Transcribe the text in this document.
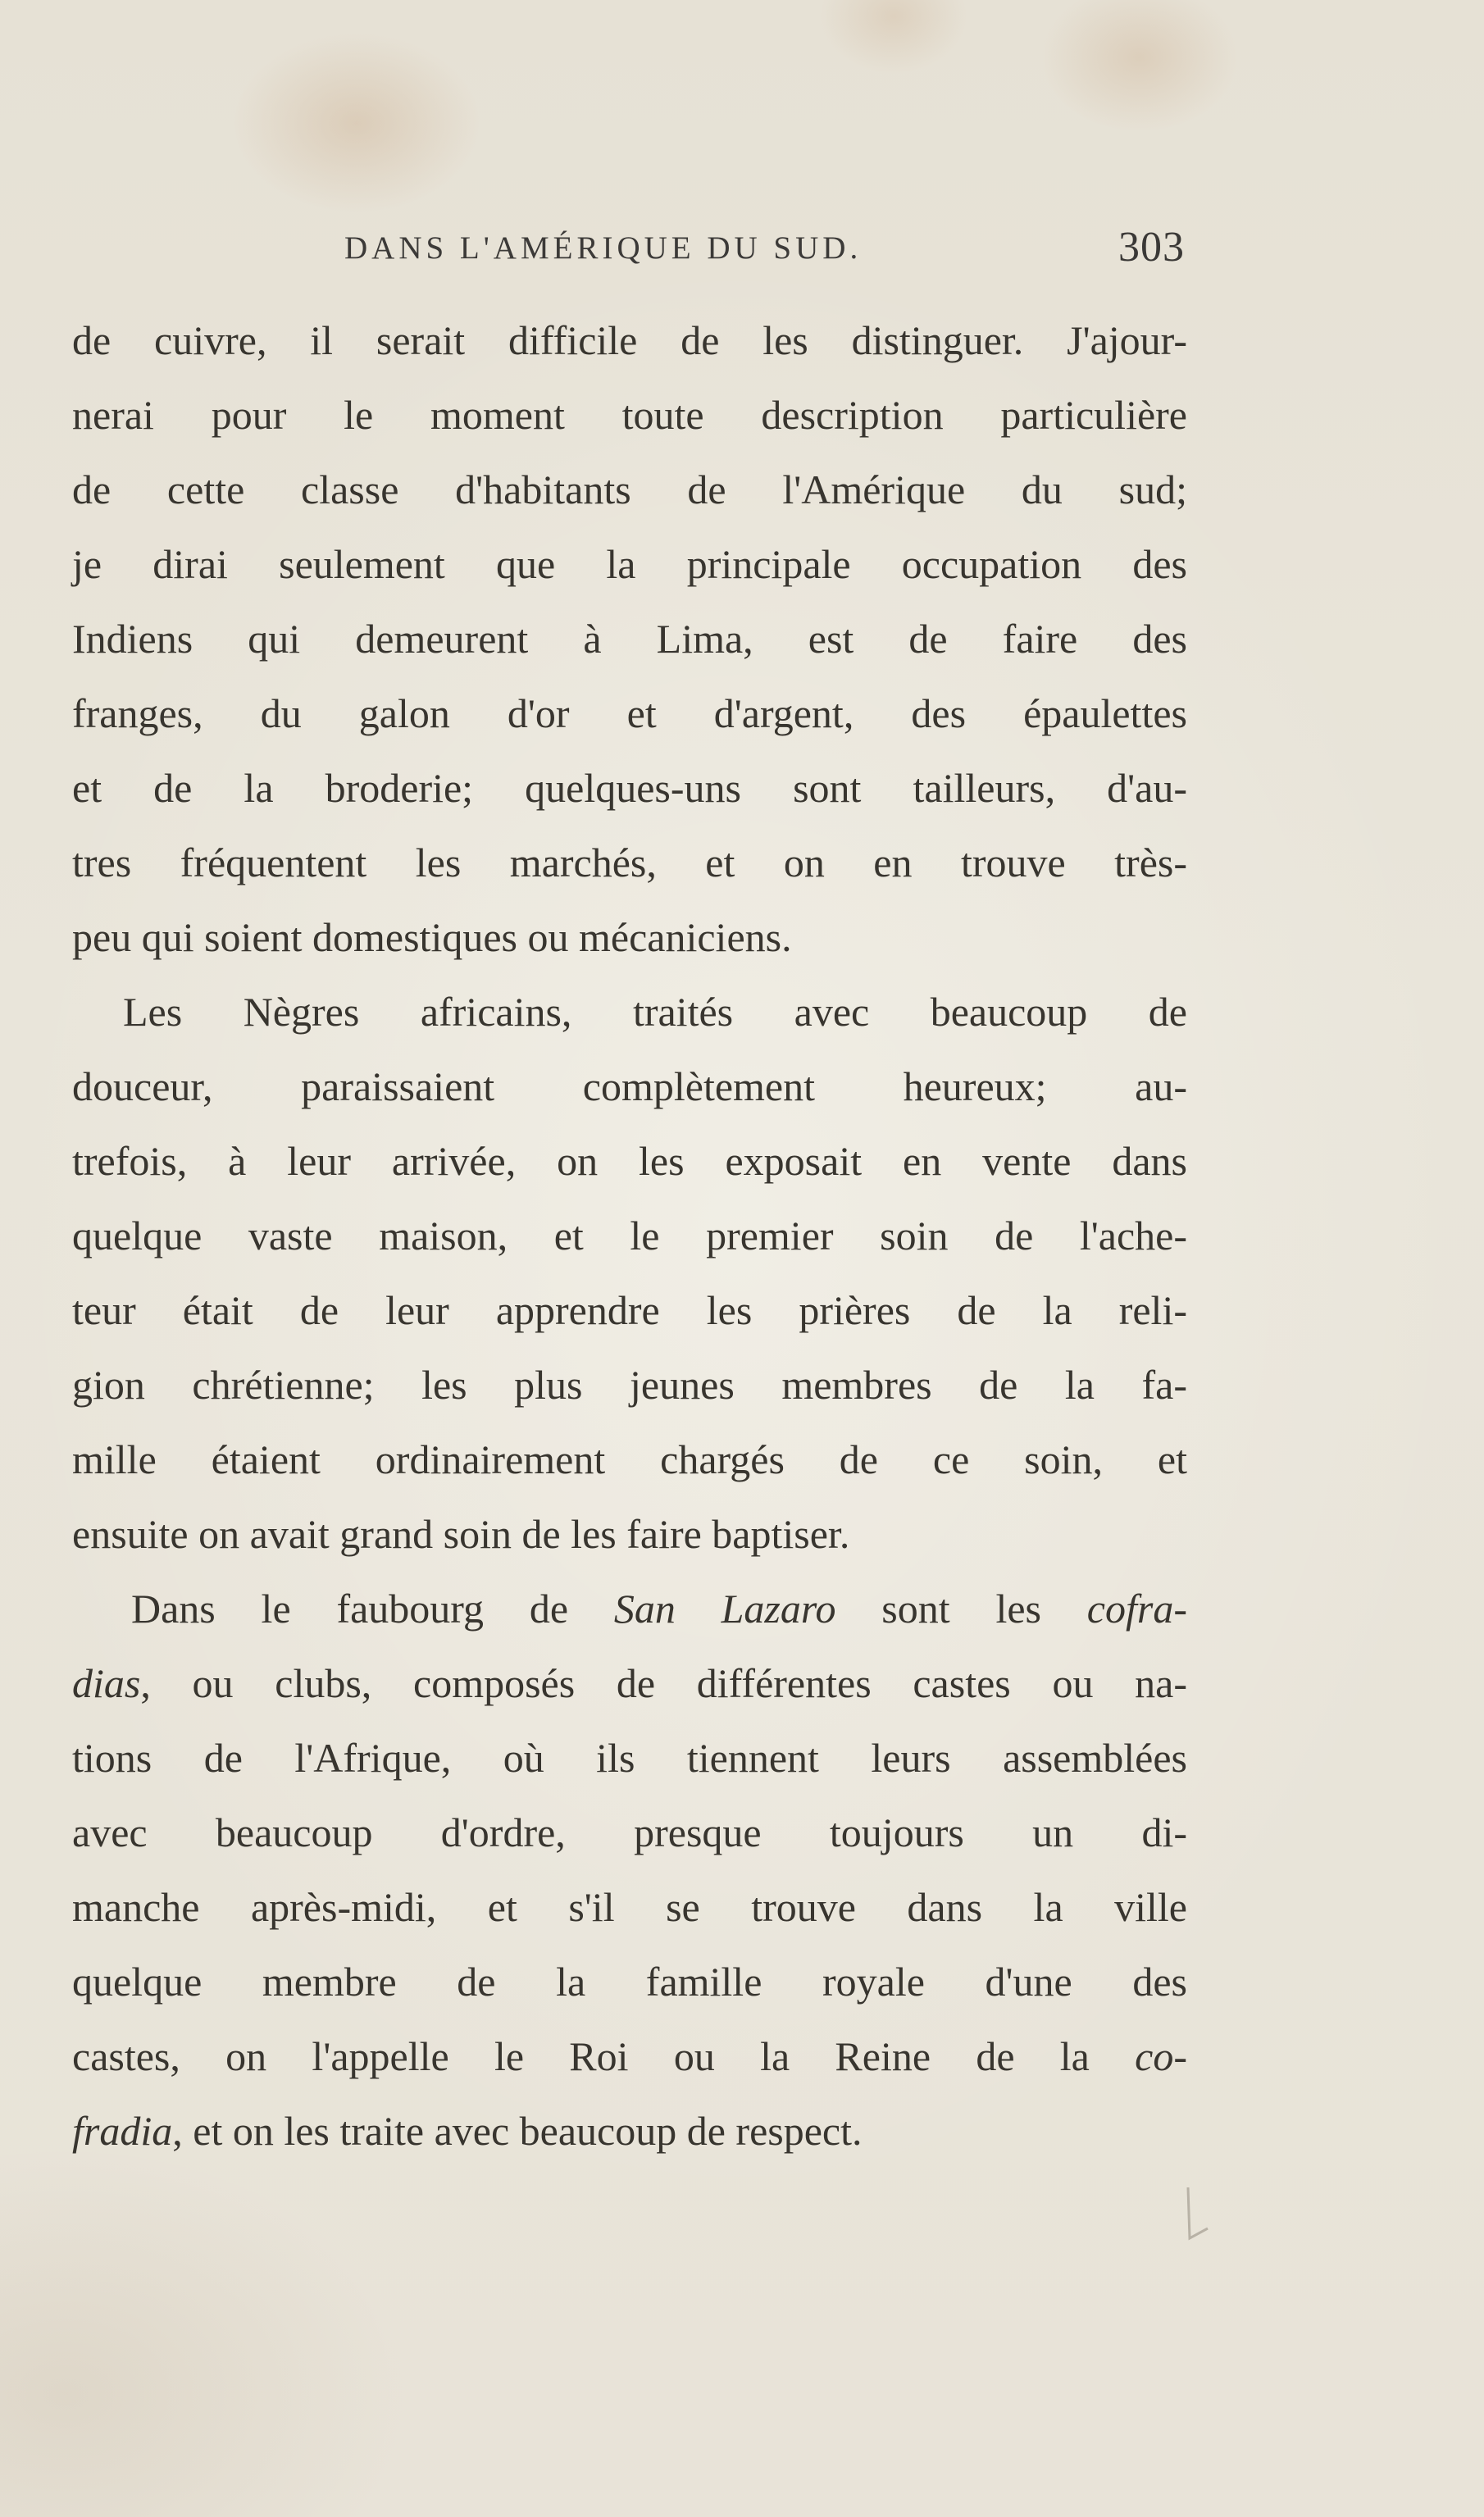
DANS L'AMÉRIQUE DU SUD.	303
de cuivre, il serait difficile de les distinguer. J'ajour-
nerai pour le moment toute description particulière
de cette classe d'habitants de l'Amérique du sud;
je dirai seulement que la principale occupation des
Indiens qui demeurent à Lima, est de faire des
franges, du galon d'or et d'argent, des épaulettes
et de la broderie; quelques-uns sont tailleurs, d'au-
tres fréquentent les marchés, et on en trouve très-
peu qui soient domestiques ou mécaniciens.
Les Nègres africains, traités avec beaucoup de
douceur, paraissaient complètement heureux; au-
trefois, à leur arrivée, on les exposait en vente dans
quelque vaste maison, et le premier soin de l'ache-
teur était de leur apprendre les prières de la reli-
gion chrétienne; les plus jeunes membres de la fa-
mille étaient ordinairement chargés de ce soin, et
ensuite on avait grand soin de les faire baptiser.
Dans le faubourg de San Lazaro sont les cofra-
dias, ou clubs, composés de différentes castes ou na-
tions de l'Afrique, où ils tiennent leurs assemblées
avec beaucoup d'ordre, presque toujours un di-
manche après-midi, et s'il se trouve dans la ville
quelque membre de la famille royale d'une des
castes, on l'appelle le Roi ou la Reine de la co-
fradia, et on les traite avec beaucoup de respect.
